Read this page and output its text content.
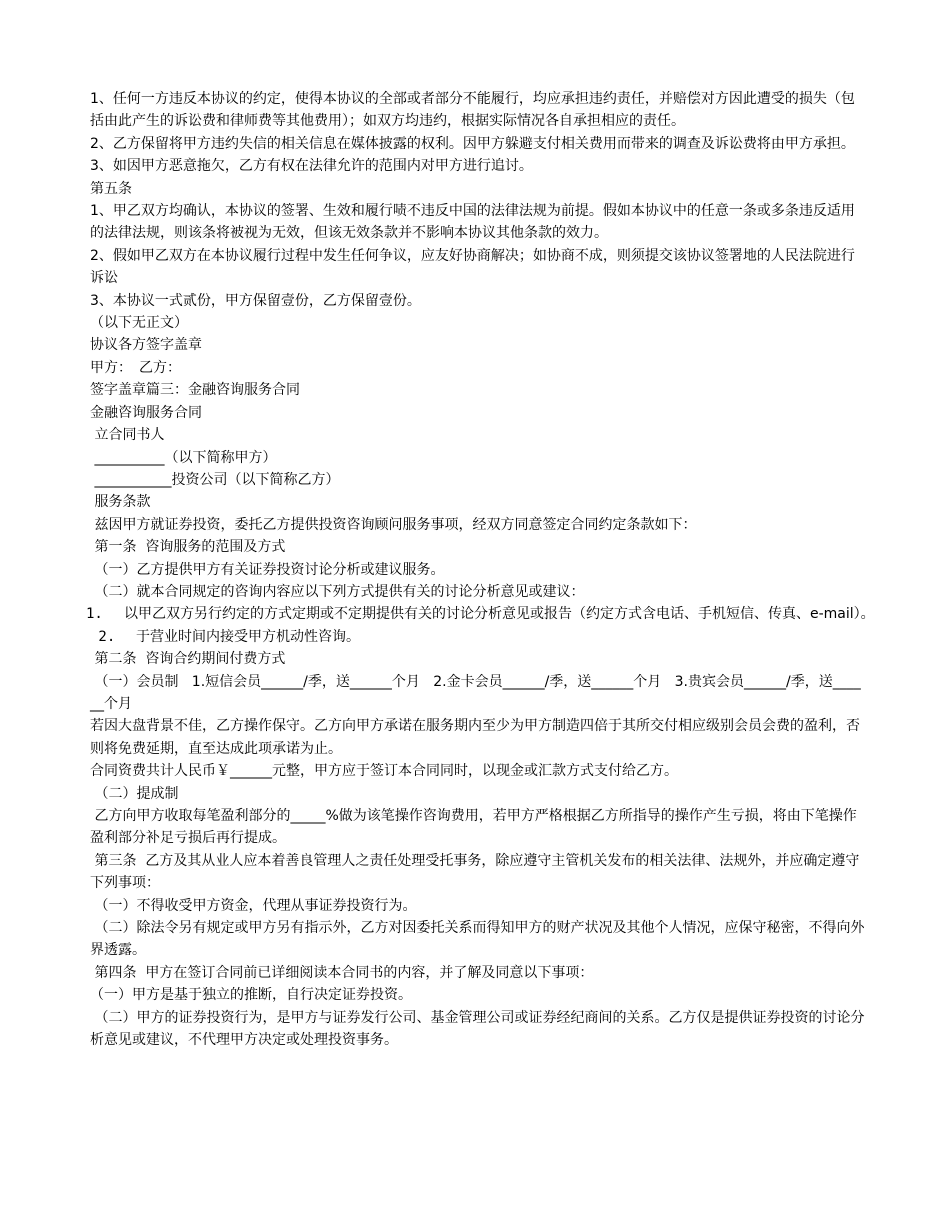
1、任何一方违反本协议的约定，使得本协议的全部或者部分不能履行，均应承担违约责任，并赔偿对方因此遭受的损失（包括由此产生的诉讼费和律师费等其他费用）；如双方均违约，根据实际情况各自承担相应的责任。

2、乙方保留将甲方违约失信的相关信息在媒体披露的权利。因甲方躲避支付相关费用而带来的调查及诉讼费将由甲方承担。

3、如因甲方恶意拖欠，乙方有权在法律允许的范围内对甲方进行追讨。

第五条

1、甲乙双方均确认，本协议的签署、生效和履行啧不违反中国的法律法规为前提。假如本协议中的任意一条或多条违反适用的法律法规，则该条将被视为无效，但该无效条款并不影响本协议其他条款的效力。

2、假如甲乙双方在本协议履行过程中发生任何争议，应友好协商解决；如协商不成，则须提交该协议签署地的人民法院进行诉讼

3、本协议一式贰份，甲方保留壹份，乙方保留壹份。

（以下无正文）

协议各方签字盖章

甲方：　乙方：

签字盖章篇三：金融咨询服务合同

金融咨询服务合同

立合同书人

__________（以下简称甲方）

___________投资公司（以下简称乙方）

服务条款

兹因甲方就证券投资，委托乙方提供投资咨询顾问服务事项，经双方同意签定合同约定条款如下：

第一条  咨询服务的范围及方式

（一）乙方提供甲方有关证券投资讨论分析或建议服务。

（二）就本合同规定的咨询内容应以下列方式提供有关的讨论分析意见或建议：

1.	以甲乙双方另行约定的方式定期或不定期提供有关的讨论分析意见或报告（约定方式含电话、手机短信、传真、e-mail）。
2.	于营业时间内接受甲方机动性咨询。

第二条  咨询合约期间付费方式

（一）会员制   1.短信会员______/季，送______个月   2.金卡会员______/季，送______个月   3.贵宾会员______/季，送______个月

若因大盘背景不佳，乙方操作保守。乙方向甲方承诺在服务期内至少为甲方制造四倍于其所交付相应级别会员会费的盈利，否则将免费延期，直至达成此项承诺为止。

合同资费共计人民币￥______元整，甲方应于签订本合同同时，以现金或汇款方式支付给乙方。

（二）提成制

乙方向甲方收取每笔盈利部分的_____%做为该笔操作咨询费用，若甲方严格根据乙方所指导的操作产生亏损，将由下笔操作盈利部分补足亏损后再行提成。

第三条  乙方及其从业人应本着善良管理人之责任处理受托事务，除应遵守主管机关发布的相关法律、法规外，并应确定遵守下列事项：

（一）不得收受甲方资金，代理从事证券投资行为。

（二）除法令另有规定或甲方另有指示外，乙方对因委托关系而得知甲方的财产状况及其他个人情况，应保守秘密，不得向外界透露。

第四条  甲方在签订合同前已详细阅读本合同书的内容，并了解及同意以下事项：

（一）甲方是基于独立的推断，自行决定证券投资。

（二）甲方的证券投资行为，是甲方与证券发行公司、基金管理公司或证券经纪商间的关系。乙方仅是提供证券投资的讨论分析意见或建议，不代理甲方决定或处理投资事务。
